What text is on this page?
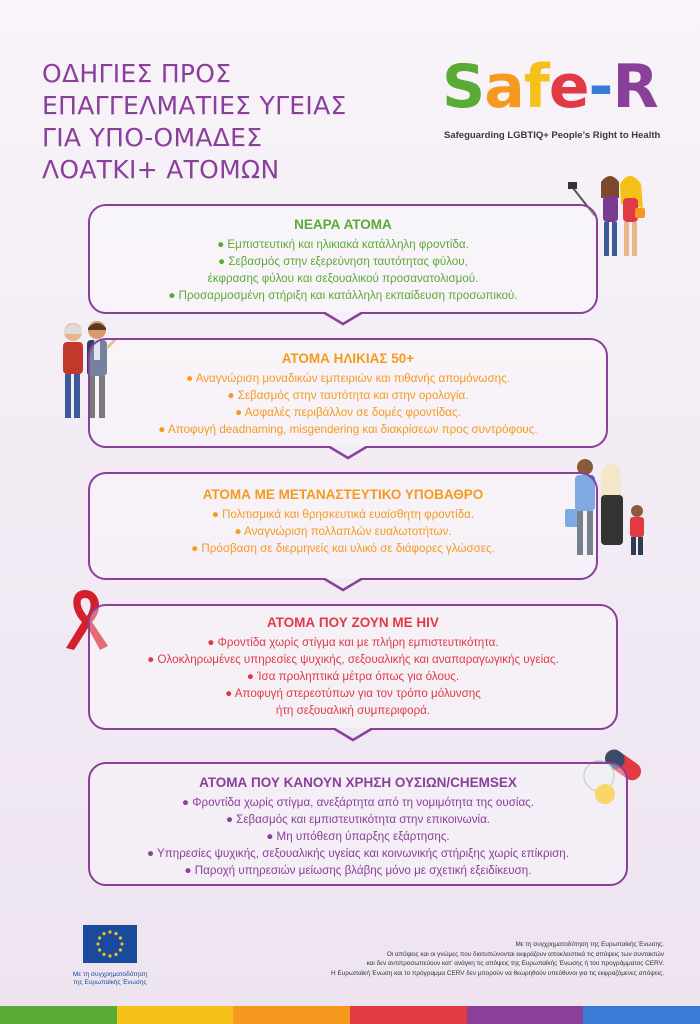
ΟΔΗΓΙΕΣ ΠΡΟΣ
ΕΠΑΓΓΕΛΜΑΤΙΕΣ ΥΓΕΙΑΣ
ΓΙΑ ΥΠΟ-ΟΜΑΔΕΣ
ΛΟΑΤΚΙ+ ΑΤΟΜΩΝ
Safe-R
Safeguarding LGBTIQ+ People’s Right to Health
ΝΕΑΡΑ ΑΤΟΜΑ
● Εμπιστευτική και ηλικιακά κατάλληλη φροντίδα.
● Σεβασμός στην εξερεύνηση ταυτότητας φύλου,
έκφρασης φύλου και σεξουαλικού προσανατολισμού.
● Προσαρμοσμένη στήριξη και κατάλληλη εκπαίδευση προσωπικού.
ΑΤΟΜΑ ΗΛΙΚΙΑΣ 50+
● Αναγνώριση μοναδικών εμπειριών και πιθανής απομόνωσης.
● Σεβασμός στην ταυτότητα και στην ορολογία.
● Ασφαλές περιβάλλον σε δομές φροντίδας.
● Αποφυγή deadnaming, misgendering και διακρίσεων προς συντρόφους.
ΑΤΟΜΑ ΜΕ ΜΕΤΑΝΑΣΤΕΥΤΙΚΟ ΥΠΟΒΑΘΡΟ
● Πολιτισμικά και θρησκευτικά ευαίσθητη φροντίδα.
● Αναγνώριση πολλαπλών ευαλωτοτήτων.
● Πρόσβαση σε διερμηνείς και υλικό σε διάφορες γλώσσες.
ΑΤΟΜΑ ΠΟΥ ΖΟΥΝ ΜΕ HIV
● Φροντίδα χωρίς στίγμα και με πλήρη εμπιστευτικότητα.
● Ολοκληρωμένες υπηρεσίες ψυχικής, σεξουαλικής και αναπαραγωγικής υγείας.
● Ίσα προληπτικά μέτρα όπως για όλους.
● Αποφυγή στερεοτύπων για τον τρόπο μόλυνσης
ήτη σεξουαλική συμπεριφορά.
ΑΤΟΜΑ ΠΟΥ ΚΑΝΟΥΝ ΧΡΗΣΗ ΟΥΣΙΩΝ/CHEMSEX
● Φροντίδα χωρίς στίγμα, ανεξάρτητα από τη νομιμότητα της ουσίας.
● Σεβασμός και εμπιστευτικότητα στην επικοινωνία.
● Μη υπόθεση ύπαρξης εξάρτησης.
● Υπηρεσίες ψυχικής, σεξουαλικής υγείας και κοινωνικής στήριξης χωρίς επίκριση.
● Παροχή υπηρεσιών μείωσης βλάβης μόνο με σχετική εξειδίκευση.
Με τη συγχρηματοδότηση
της Ευρωπαϊκής Ένωσης
Με τη συγχρηματοδότηση της Ευρωπαϊκής Ένωσης.
Οι απόψεις και οι γνώμες που διατυπώνονται εκφράζουν αποκλειστικά τις απόψεις των συντακτών
και δεν αντιπροσωπεύουν κατ’ ανάγκη τις απόψεις της Ευρωπαϊκής Ένωσης ή του προγράμματος CERV.
Η Ευρωπαϊκή Ένωση και το πρόγραμμα CERV δεν μπορούν να θεωρηθούν υπεύθυνοι για τις εκφραζόμενες απόψεις.
